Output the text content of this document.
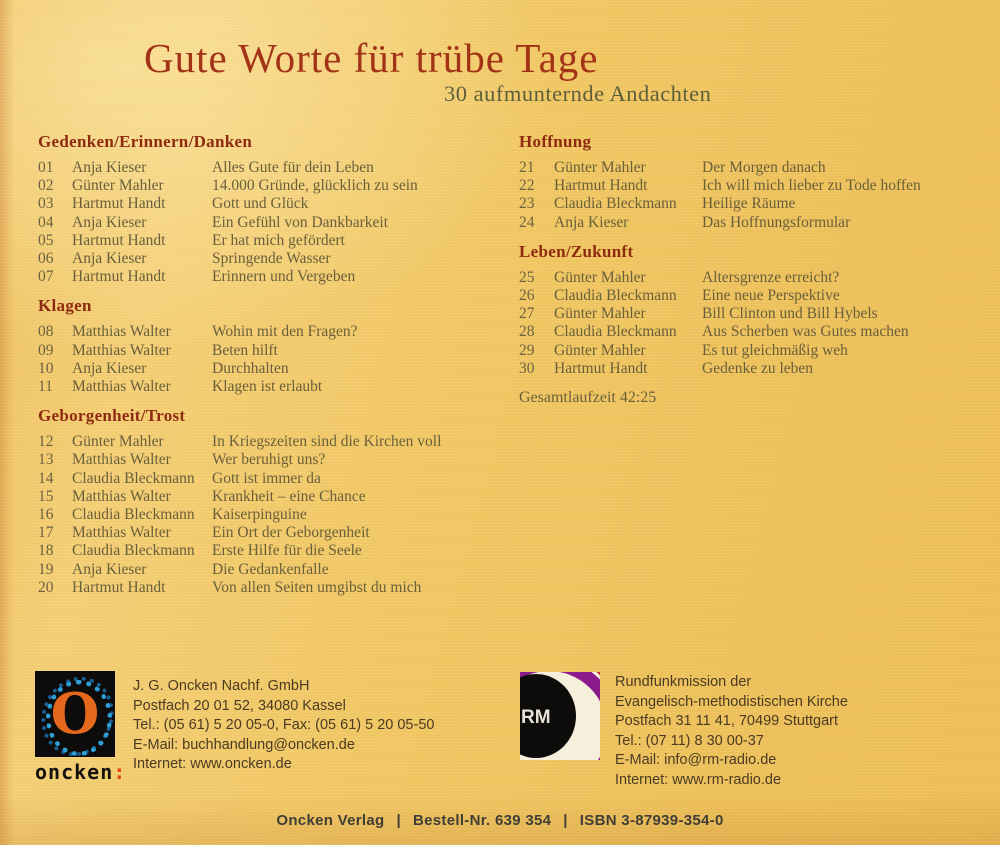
Gute Worte für trübe Tage
30 aufmunternde Andachten
Gedenken/Erinnern/Danken
01	Anja Kieser	Alles Gute für dein Leben
02	Günter Mahler	14.000 Gründe, glücklich zu sein
03	Hartmut Handt	Gott und Glück
04	Anja Kieser	Ein Gefühl von Dankbarkeit
05	Hartmut Handt	Er hat mich gefördert
06	Anja Kieser	Springende Wasser
07	Hartmut Handt	Erinnern und Vergeben
Klagen
08	Matthias Walter	Wohin mit den Fragen?
09	Matthias Walter	Beten hilft
10	Anja Kieser	Durchhalten
11	Matthias Walter	Klagen ist erlaubt
Geborgenheit/Trost
12	Günter Mahler	In Kriegszeiten sind die Kirchen voll
13	Matthias Walter	Wer beruhigt uns?
14	Claudia Bleckmann	Gott ist immer da
15	Matthias Walter	Krankheit – eine Chance
16	Claudia Bleckmann	Kaiserpinguine
17	Matthias Walter	Ein Ort der Geborgenheit
18	Claudia Bleckmann	Erste Hilfe für die Seele
19	Anja Kieser	Die Gedankenfalle
20	Hartmut Handt	Von allen Seiten umgibst du mich
Hoffnung
21	Günter Mahler	Der Morgen danach
22	Hartmut Handt	Ich will mich lieber zu Tode hoffen
23	Claudia Bleckmann	Heilige Räume
24	Anja Kieser	Das Hoffnungsformular
Leben/Zukunft
25	Günter Mahler	Altersgrenze erreicht?
26	Claudia Bleckmann	Eine neue Perspektive
27	Günter Mahler	Bill Clinton und Bill Hybels
28	Claudia Bleckmann	Aus Scherben was Gutes machen
29	Günter Mahler	Es tut gleichmäßig weh
30	Hartmut Handt	Gedenke zu leben
Gesamtlaufzeit 42:25
O
oncken:
J. G. Oncken Nachf. GmbH
Postfach 20 01 52, 34080 Kassel
Tel.: (05 61) 5 20 05-0, Fax: (05 61) 5 20 05-50
E-Mail: buchhandlung@oncken.de
Internet: www.oncken.de
RM
Rundfunkmission der
Evangelisch-methodistischen Kirche
Postfach 31 11 41, 70499 Stuttgart
Tel.: (07 11) 8 30 00-37
E-Mail: info@rm-radio.de
Internet: www.rm-radio.de
Oncken Verlag | Bestell-Nr. 639 354 | ISBN 3-87939-354-0
